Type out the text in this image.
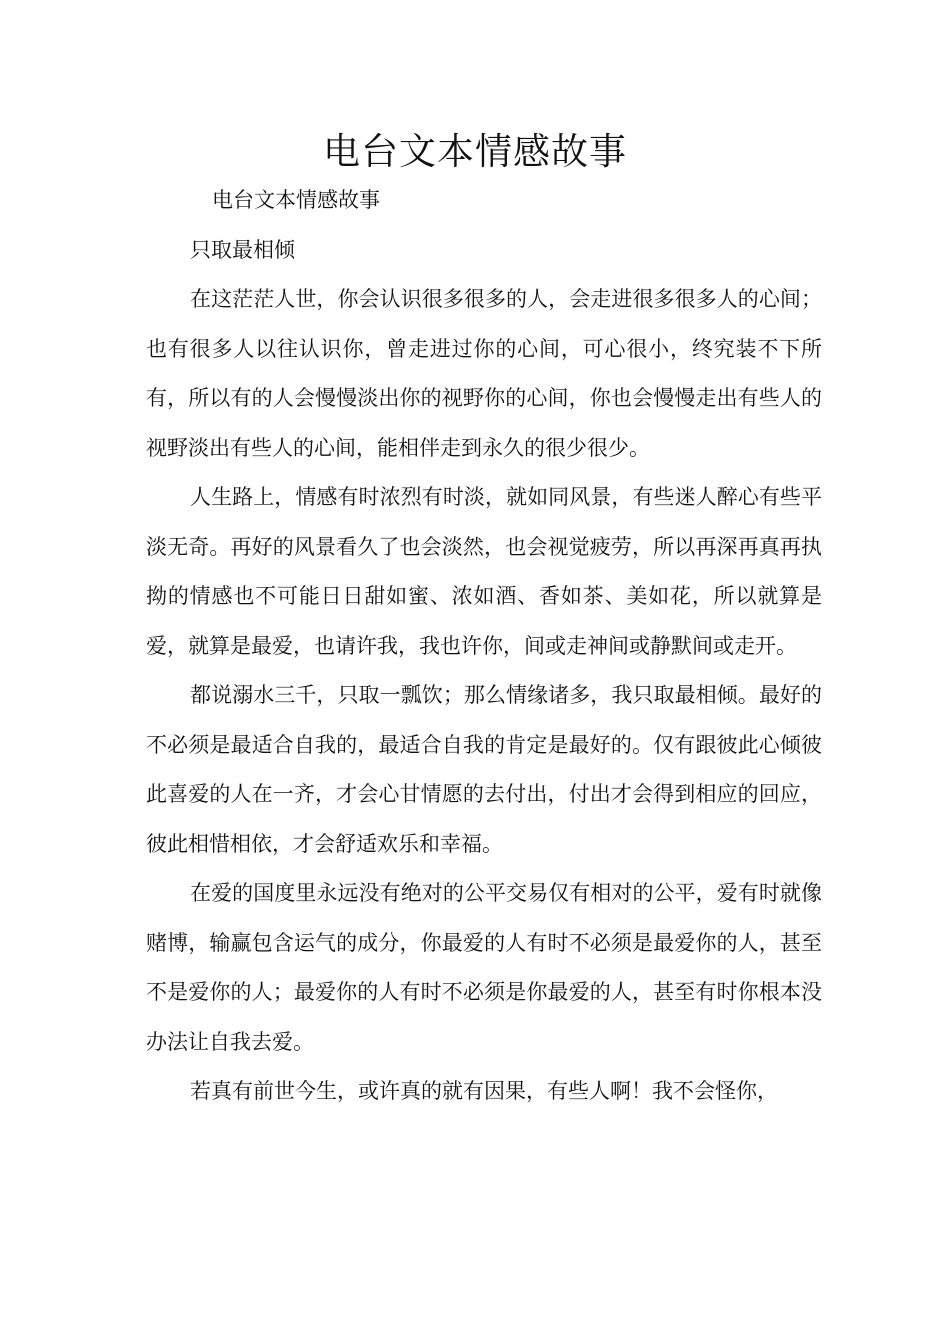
电台文本情感故事

电台文本情感故事

只取最相倾

在这茫茫人世，你会认识很多很多的人，会走进很多很多人的心间；也有很多人以往认识你，曾走进过你的心间，可心很小，终究装不下所有，所以有的人会慢慢淡出你的视野你的心间，你也会慢慢走出有些人的视野淡出有些人的心间，能相伴走到永久的很少很少。

人生路上，情感有时浓烈有时淡，就如同风景，有些迷人醉心有些平淡无奇。再好的风景看久了也会淡然，也会视觉疲劳，所以再深再真再执拗的情感也不可能日日甜如蜜、浓如酒、香如茶、美如花，所以就算是爱，就算是最爱，也请许我，我也许你，间或走神间或静默间或走开。

都说溺水三千，只取一瓢饮；那么情缘诸多，我只取最相倾。最好的不必须是最适合自我的，最适合自我的肯定是最好的。仅有跟彼此心倾彼此喜爱的人在一齐，才会心甘情愿的去付出，付出才会得到相应的回应，彼此相惜相依，才会舒适欢乐和幸福。

在爱的国度里永远没有绝对的公平交易仅有相对的公平，爱有时就像赌博，输赢包含运气的成分，你最爱的人有时不必须是最爱你的人，甚至不是爱你的人；最爱你的人有时不必须是你最爱的人，甚至有时你根本没办法让自我去爱。

若真有前世今生，或许真的就有因果，有些人啊！我不会怪你，
